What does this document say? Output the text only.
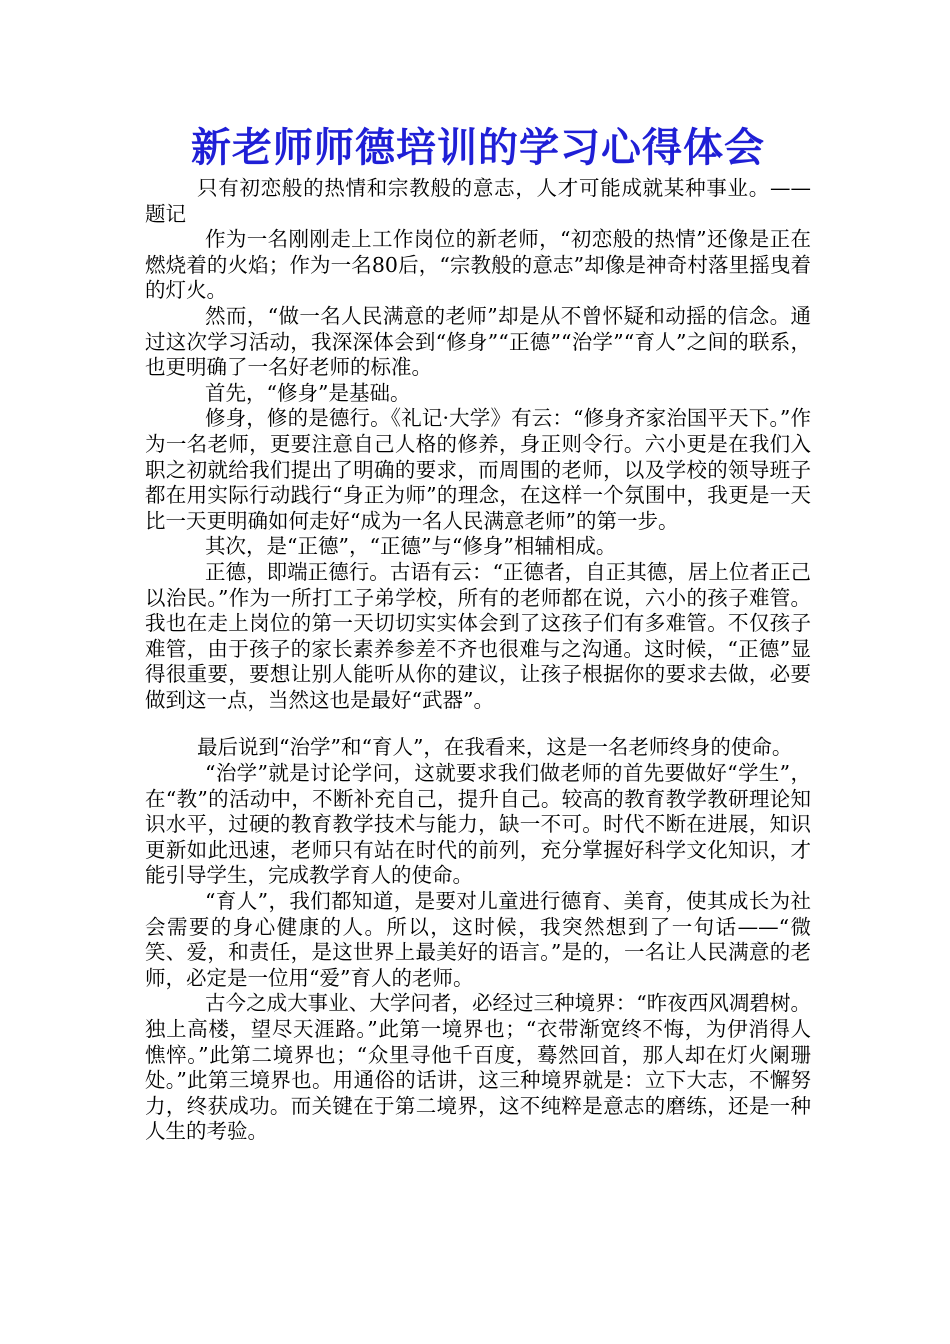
新老师师德培训的学习心得体会

只有初恋般的热情和宗教般的意志，人才可能成就某种事业。——题记

作为一名刚刚走上工作岗位的新老师，“初恋般的热情”还像是正在燃烧着的火焰；作为一名80后，“宗教般的意志”却像是神奇村落里摇曳着的灯火。

然而，“做一名人民满意的老师”却是从不曾怀疑和动摇的信念。通过这次学习活动，我深深体会到“修身”“正德”“治学”“育人”之间的联系，也更明确了一名好老师的标准。

首先，“修身”是基础。

修身，修的是德行。《礼记·大学》有云：“修身齐家治国平天下。”作为一名老师，更要注意自己人格的修养，身正则令行。六小更是在我们入职之初就给我们提出了明确的要求，而周围的老师，以及学校的领导班子都在用实际行动践行“身正为师”的理念，在这样一个氛围中，我更是一天比一天更明确如何走好“成为一名人民满意老师”的第一步。

其次，是“正德”，“正德”与“修身”相辅相成。

正德，即端正德行。古语有云：“正德者，自正其德，居上位者正己以治民。”作为一所打工子弟学校，所有的老师都在说，六小的孩子难管。我也在走上岗位的第一天切切实实体会到了这孩子们有多难管。不仅孩子难管，由于孩子的家长素养参差不齐也很难与之沟通。这时候，“正德”显得很重要，要想让别人能听从你的建议，让孩子根据你的要求去做，必要做到这一点，当然这也是最好“武器”。

最后说到“治学”和“育人”，在我看来，这是一名老师终身的使命。

“治学”就是讨论学问，这就要求我们做老师的首先要做好“学生”，在“教”的活动中，不断补充自己，提升自己。较高的教育教学教研理论知识水平，过硬的教育教学技术与能力，缺一不可。时代不断在进展，知识更新如此迅速，老师只有站在时代的前列，充分掌握好科学文化知识，才能引导学生，完成教学育人的使命。

“育人”，我们都知道，是要对儿童进行德育、美育，使其成长为社会需要的身心健康的人。所以，这时候，我突然想到了一句话——“微笑、爱，和责任，是这世界上最美好的语言。”是的，一名让人民满意的老师，必定是一位用“爱”育人的老师。

古今之成大事业、大学问者，必经过三种境界：“昨夜西风凋碧树。独上高楼，望尽天涯路。”此第一境界也；“衣带渐宽终不悔，为伊消得人憔悴。”此第二境界也；“众里寻他千百度，蓦然回首，那人却在灯火阑珊处。”此第三境界也。用通俗的话讲，这三种境界就是：立下大志，不懈努力，终获成功。而关键在于第二境界，这不纯粹是意志的磨练，还是一种人生的考验。
